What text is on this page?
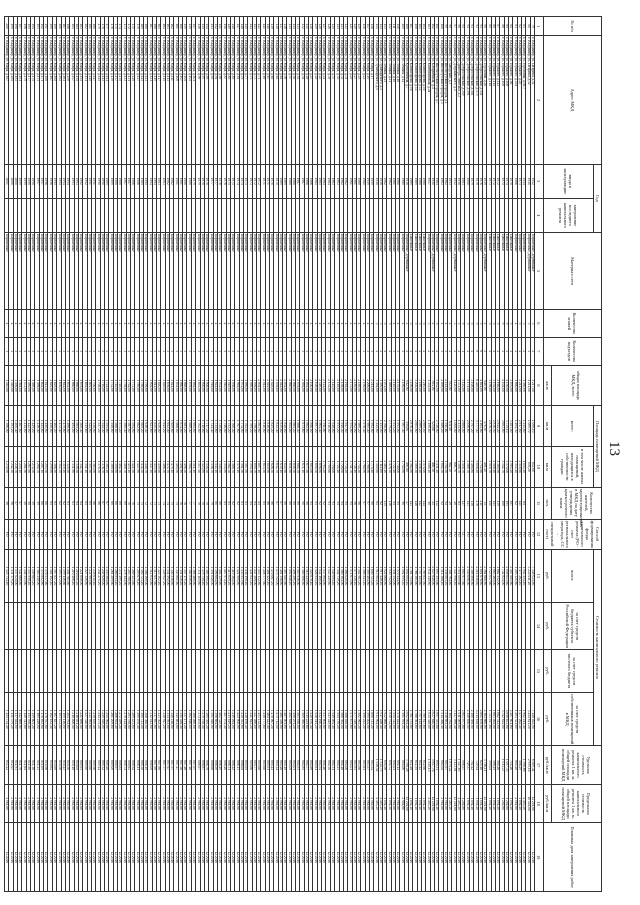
13
№ п/п	Адрес МКД	Год		Материал стен	Количество этажей	Количество подъездов	общая площадь МКД, всего	Площадь помещений МКД		Количество жителей, зарегистрированных в МКД на дату утверждения краткосрочного плана	Способ формирования фонда капитального ремонта (РО - счет регионального оператора, СС - специальный счет)	Стоимость капитального ремонта				Удельная стоимость капитального ремонта 1 кв. м. общей площади помещений МКД	Предельная стоимость капитального ремонта 1 кв. м. общей площади помещений МКД	Плановая дата завершения работ
		ввода в эксплуатацию	завершение последнего капитального ремонта					всего:	в том числе жилых помещений, находящихся в собственности граждан			всего:	за счет средств бюджета субъекта Российской Федерации	за счет средств местного бюджета	за счет средств собственников помещений в МКД			
							кв.м	кв.м	кв.м	чел.		руб.	руб.	руб.	руб.	руб./кв.м	руб./кв.м	
1	2	3	4	5	6	7	8	9	10	11	12	13	14	15	16	17	18	19
79	г. Владимир, ул. Гагарина, д.11	1952		Кирпичные, деревянные	3	2	1 217,00	1 098,10	852,60		РО	7 148 024,80			7 148 024,80	6 509,44	12 201,60	12.2016
80	г. Владимир, ул. Гагарина, д.12	1950		Кирпичные, деревянные	3	3	1 211,00	1 089,70	876,20		РО	3 224 611,20			3 224 611,20	2 959,16	10 524,00	12.2016
81	г. Владимир, ул. Гороховая, д.58/7	1954		Кирпичные	3	2	1 380,00	1 241,60	1 053,10	64	РО	1 982 414,40			1 982 414,40	1 596,66	4 483,20	12.2016
82	г. Владимир, ул. Горького, д.45	1973		Кирпичные	5	4	3 241,00	2 917,80	2 518,60	141	РО	1 477 262,40			1 477 262,40	506,29	1 094,40	12.2016
83	г. Владимир, ул. Горького, д.53а	1966		Кирпичные	4	2	1 660,00	1 494,30	1 312,40	62	РО	1 203 321,60			1 203 321,60	805,28	2 961,60	12.2016
84	г. Владимир, ул. Горького, д.56	1970		Панельные	5	4	3 870,00	3 483,00	2 983,20	187	РО	2 487 801,60			2 487 801,60	714,26	1 094,40	12.2016
85	г. Владимир, ул. Горького, д.106	1974		Панельные	9	2	4 150,00	3 735,10	3 170,00	193	РО	4 098 633,60			4 098 633,60	1 097,33	1 204,80	12.2016
86	г. Владимир, ул. Горького, д.108	1975		Панельные	9	2	4 104,00	3 693,80	3 142,70	188	РО	3 742 824,00			3 742 824,00	1 013,27	1 204,80	12.2016
87	г. Владимир, ул. Горького, д.112	1972		Панельные	5	4	3 160,00	2 844,20	2 365,90	139	РО	1 662 312,00			1 662 312,00	584,46	1 094,40	12.2016
88	г. Владимир, ул. Горького, д.114	1972		Панельные	5	4	3 152,00	2 836,50	2 508,40	143	РО	1 663 464,00			1 663 464,00	586,45	1 094,40	12.2016
89	г. Владимир, ул. Горького, д.116	1973		Панельные	5	4	3 196,00	2 876,30	2 510,70	151	РО	1 723 017,60			1 723 017,60	599,04	1 094,40	12.2016
90	г. Владимир, ул. Гороховая, д.20	1939		Кирпичные, деревянные	2	2	640,00	576,30	498,40	31	РО	2 164 660,80			2 164 660,80	3 756,11	12 201,60	12.2016
91	г. Владимир, ул. Добросельская, д.151	1976		Кирпичные	5	6	4 624,00	4 161,60	3 712,60	211	РО	2 601 676,80			2 601 676,80	625,16	1 094,40	12.2016
92	г. Владимир, ул. Добросельская, д.175	1978		Кирпичные	5	8	6 420,00	5 777,40	5 016,20	276	РО	4 214 836,80			4 214 836,80	729,54	1 094,40	12.2016
93	г. Владимир, ул. Добросельская, д.181	1979		Кирпичные	5	4	3 108,00	2 797,20	2 480,80	138	РО	2 188 588,80			2 188 588,80	782,42	1 094,40	12.2016
94	г. Владимир, ул. Добросельская, д.191	1980		Кирпичные	5	4	3 174,00	2 856,60	2 569,70	143	РО	2 140 656,00			2 140 656,00	749,37	1 094,40	12.2016
95	г. Владимир, ул. Добросельская, д.199	1983		Кирпичные	9	1	3 120,00	2 808,00	2 518,70	127	СС	2 803 977,60			2 803 977,60	998,57	1 204,80	12.2016
96	г. Владимир, ул. Диктора Левитана, д.2	1958		Кирпичные	3	2	1 372,00	1 234,80	1 108,70	61	РО	1 911 009,60			1 911 009,60	1 547,63	4 483,20	12.2016
97	г. Владимир, ул. Дзержинского, д.5	1952		Кирпичные, деревянные	3	2	1 120,00	1 008,00	898,70	48	РО	3 147 998,40			3 147 998,40	3 123,01	12 201,60	12.2016
98	г. Владимир, ул. Заводская, д.3	1953		Кирпичные	2	2	702,00	631,80	562,30	29	РО	1 184 764,80			1 184 764,80	1 875,22	4 483,20	12.2016
99	г. Владимир, ул. Институтский городок, д.1	1962		Кирпичные	4	3	2 124,00	1 911,60	1 702,50	94	РО	1 536 883,20			1 536 883,20	803,97	2 961,60	12.2016
100	г. Владимир, ул. Институтский городок, д.3	1963		Кирпичные	4	3	2 098,00	1 888,20	1 682,30	92	РО	1 514 366,40			1 514 366,40	802,02	2 961,60	12.2016
101	г. Владимир, ул. Институтский городок, д.7	1964		Кирпичные	5	4	3 032,00	2 728,80	2 431,10	132	РО	1 897 353,60			1 897 353,60	695,31	1 094,40	12.2016
102	г. Владимир, ул. Казарменная, д.4	1950		Кирпичные, деревянные	2	2	584,00	525,60	468,30	25	РО	2 027 640,00			2 027 640,00	3 857,76	12 201,60	12.2016
103	г. Владимир, ул. Княгининская, д.2а	1957		Кирпичные	3	2	1 332,00	1 198,80	1 068,10	58	РО	1 834 348,80			1 834 348,80	1 530,15	4 483,20	12.2016
104	г. Владимир, ул. Комиссарова, д.10	1968		Панельные	5	4	3 210,00	2 889,00	2 574,00	144	РО	1 769 817,60			1 769 817,60	612,60	1 094,40	12.2016
105	г. Владимир, ул. Комиссарова, д.12	1968		Панельные	5	4	3 188,00	2 869,20	2 556,40	142	РО	1 757 145,60			1 757 145,60	612,42	1 094,40	12.2016
106	г. Владимир, ул. Комиссарова, д.14	1969		Панельные	5	4	3 204,00	2 883,60	2 569,30	146	РО	1 766 361,60			1 766 361,60	612,55	1 094,40	12.2016
107	г. Владимир, ул. Комиссарова, д.16	1969		Панельные	5	4	3 196,00	2 876,40	2 562,80	143	РО	1 761 753,60			1 761 753,60	612,48	1 094,40	12.2016
108	г. Владимир, ул. Кремлевская, д.7	1938		Кирпичные, деревянные	2	2	612,00	550,80	490,80	27	РО	2 092 094,40			2 092 094,40	3 798,28	12 201,60	12.2016
109	г. Владимир, ул. Ленина, д.14	1960		Кирпичные	4	3	2 186,00	1 967,40	1 752,80	96	РО	1 581 955,20			1 581 955,20	804,08	2 961,60	12.2016
110	г. Владимир, ул. Ленина, д.16	1960		Кирпичные	4	3	2 170,00	1 953,00	1 740,00	95	РО	1 570 444,80			1 570 444,80	804,12	2 961,60	12.2016
111	г. Владимир, ул. Ленина, д.18	1961		Кирпичные	4	3	2 148,00	1 933,20	1 722,40	94	РО	1 554 312,00			1 554 312,00	804,01	2 961,60	12.2016
112	г. Владимир, ул. Ленина, д.21	1962		Кирпичные	5	4	3 088,00	2 779,20	2 476,30	136	РО	1 930 752,00			1 930 752,00	694,72	1 094,40	12.2016
113	г. Владимир, ул. Ленина, д.23	1962		Кирпичные	5	4	3 074,00	2 766,60	2 465,10	135	РО	1 922 668,80			1 922 668,80	694,96	1 094,40	12.2016
114	г. Владимир, ул. Луначарского, д.3	1958		Кирпичные	3	2	1 390,00	1 251,00	1 114,60	62	РО	1 917 446,40			1 917 446,40	1 532,73	4 483,20	12.2016
115	г. Владимир, ул. Луначарского, д.5	1958		Кирпичные	3	2	1 384,00	1 245,60	1 109,80	61	РО	1 913 904,00			1 913 904,00	1 536,54	4 483,20	12.2016
116	г. Владимир, ул. Мира, д.17	1959		Кирпичные	4	3	2 214,00	1 992,60	1 775,40	98	РО	1 600 723,20			1 600 723,20	803,34	2 961,60	12.2016
117	г. Владимир, ул. Мира, д.19	1959		Кирпичные	4	3	2 206,00	1 985,40	1 768,90	97	РО	1 595 404,80			1 595 404,80	803,57	2 961,60	12.2016
118	г. Владимир, ул. Мира, д.23	1960		Кирпичные	4	3	2 196,00	1 976,40	1 760,90	97	РО	1 588 243,20			1 588 243,20	803,61	2 961,60	12.2016
119	г. Владимир, ул. Мира, д.25	1960		Кирпичные	4	3	2 188,00	1 969,20	1 754,50	96	РО	1 582 963,20			1 582 963,20	803,86	2 961,60	12.2016
120	г. Владимир, ул. Мира, д.27	1961		Кирпичные	4	3	2 180,00	1 962,00	1 748,10	96	РО	1 577 318,40			1 577 318,40	803,93	2 961,60	12.2016
121	г. Владимир, ул. Мира, д.29	1961		Кирпичные	4	3	2 172,00	1 954,80	1 741,70	95	РО	1 571 673,60			1 571 673,60	804,01	2 961,60	12.2016
122	г. Владимир, ул. Мира, д.31	1962		Кирпичные	4	3	2 164,00	1 947,60	1 735,20	95	РО	1 566 028,80			1 566 028,80	804,08	2 961,60	12.2016
123	г. Владимир, ул. Мира, д.33	1962		Кирпичные	4	3	2 156,00	1 940,40	1 728,80	94	РО	1 560 384,00			1 560 384,00	804,16	2 961,60	12.2016
124	г. Владимир, ул. Мира, д.35	1963		Кирпичные	4	3	2 148,00	1 933,20	1 722,40	94	РО	1 554 739,20			1 554 739,20	804,23	2 961,60	12.2016
125	г. Владимир, ул. Мира, д.37	1963		Кирпичные	4	3	2 140,00	1 926,00	1 716,00	93	РО	1 549 094,40			1 549 094,40	804,31	2 961,60	12.2016
126	г. Владимир, ул. Мира, д.39	1964		Кирпичные	4	3	2 132,00	1 918,80	1 709,60	93	РО	1 543 449,60			1 543 449,60	804,38	2 961,60	12.2016
127	г. Владимир, ул. Мира, д.41	1964		Кирпичные	4	3	2 124,00	1 911,60	1 703,20	92	РО	1 537 804,80			1 537 804,80	804,46	2 961,60	12.2016
128	г. Владимир, ул. Мира, д.43	1965		Кирпичные	4	3	2 116,00	1 904,40	1 696,80	92	РО	1 532 160,00			1 532 160,00	804,54	2 961,60	12.2016
129	г. Владимир, ул. Мира, д.45	1965		Кирпичные	4	3	2 108,00	1 897,20	1 690,30	91	РО	1 526 515,20			1 526 515,20	804,61	2 961,60	12.2016
130	г. Владимир, ул. Мира, д.47	1966		Кирпичные	4	3	2 100,00	1 890,00	1 683,90	91	РО	1 520 870,40			1 520 870,40	804,69	2 961,60	12.2016
131	г. Владимир, ул. Мира, д.49	1966		Кирпичные	4	3	2 092,00	1 882,80	1 677,50	90	РО	1 515 225,60			1 515 225,60	804,77	2 961,60	12.2016
132	г. Владимир, ул. Мира, д.51	1967		Кирпичные	4	3	2 084,00	1 875,60	1 671,10	90	РО	1 509 580,80			1 509 580,80	804,85	2 961,60	12.2016
133	г. Владимир, ул. Мира, д.53	1967		Кирпичные	4	3	2 076,00	1 868,40	1 664,70	89	РО	1 503 936,00			1 503 936,00	804,93	2 961,60	12.2016
134	г. Владимир, ул. Мира, д.55	1968		Кирпичные	4	3	2 068,00	1 861,20	1 658,30	89	РО	1 498 291,20			1 498 291,20	805,01	2 961,60	12.2016
135	г. Владимир, ул. Мира, д.57	1968		Кирпичные	4	3	2 060,00	1 854,00	1 651,90	88	РО	1 492 646,40			1 492 646,40	805,09	2 961,60	12.2016
136	г. Владимир, ул. Мира, д.59	1969		Кирпичные	4	3	2 052,00	1 846,80	1 645,50	88	РО	1 487 001,60			1 487 001,60	805,18	2 961,60	12.2016
137	г. Владимир, ул. Мира, д.61	1969		Кирпичные	4	3	2 044,00	1 839,60	1 639,10	87	РО	1 481 356,80			1 481 356,80	805,26	2 961,60	12.2016
138	г. Владимир, ул. Мира, д.63	1970		Кирпичные	4	3	2 036,00	1 832,40	1 632,70	87	РО	1 475 712,00			1 475 712,00	805,34	2 961,60	12.2016
139	г. Владимир, ул. Мира, д.65	1970		Кирпичные	4	3	2 028,00	1 825,20	1 626,30	86	РО	1 470 067,20			1 470 067,20	805,43	2 961,60	12.2016
140	г. Владимир, ул. Мира, д.67	1971		Кирпичные	4	3	2 020,00	1 818,00	1 619,90	86	РО	1 464 422,40			1 464 422,40	805,51	2 961,60	12.2016
141	г. Владимир, ул. Мира, д.69	1971		Кирпичные	4	3	2 012,00	1 810,80	1 613,50	85	РО	1 458 777,60			1 458 777,60	805,60	2 961,60	12.2016
142	г. Владимир, ул. Мира, д.71	1972		Кирпичные	4	3	2 004,00	1 803,60	1 607,10	85	РО	1 453 132,80			1 453 132,80	805,68	2 961,60	12.2016
143	г. Владимир, ул. Мира, д.73	1972		Кирпичные	4	3	1 996,00	1 796,40	1 600,70	84	РО	1 447 488,00			1 447 488,00	805,77	2 961,60	12.2016
144	г. Владимир, ул. Мира, д.75	1973		Кирпичные	4	3	1 988,00	1 789,20	1 594,30	84	РО	1 441 843,20			1 441 843,20	805,86	2 961,60	12.2016
145	г. Владимир, ул. Мира, д.77	1973		Кирпичные	4	3	1 980,00	1 782,00	1 587,90	83	РО	1 436 198,40			1 436 198,40	805,95	2 961,60	12.2016
146	г. Владимир, ул. Мира, д.79	1974		Кирпичные	4	3	1 972,00	1 774,80	1 581,50	83	РО	1 430 553,60			1 430 553,60	806,04	2 961,60	12.2016
147	г. Владимир, ул. Мира, д.81	1974		Кирпичные	4	3	1 964,00	1 767,60	1 575,10	82	РО	1 424 908,80			1 424 908,80	806,13	2 961,60	12.2016
148	г. Владимир, ул. Мира, д.83	1975		Кирпичные	4	3	1 956,00	1 760,40	1 568,70	82	РО	1 419 264,00			1 419 264,00	806,22	2 961,60	12.2016
149	г. Владимир, ул. Мира, д.85	1975		Кирпичные	4	3	1 948,00	1 753,20	1 562,30	81	РО	1 413 619,20			1 413 619,20	806,31	2 961,60	12.2016
150	г. Владимир, ул. Мира, д.87	1976		Кирпичные	4	3	1 940,00	1 746,00	1 555,90	81	РО	1 407 974,40			1 407 974,40	806,40	2 961,60	12.2016
151	г. Владимир, ул. Мира, д.89	1976		Кирпичные	4	3	1 932,00	1 738,80	1 549,50	80	РО	1 402 329,60			1 402 329,60	806,49	2 961,60	12.2016
152	г. Владимир, ул. Мира, д.91	1977		Кирпичные	4	3	1 924,00	1 731,60	1 543,10	80	РО	1 396 684,80			1 396 684,80	806,59	2 961,60	12.2016
153	г. Владимир, ул. Мира, д.93	1977		Кирпичные	4	3	1 916,00	1 724,40	1 536,70	79	РО	1 391 040,00			1 391 040,00	806,68	2 961,60	12.2016
154	г. Владимир, ул. Мира, д.95	1978		Кирпичные	4	3	1 908,00	1 717,20	1 530,30	79	РО	1 385 395,20			1 385 395,20	806,78	2 961,60	12.2016
155	г. Владимир, ул. Мира, д.97	1978		Кирпичные	4	3	1 900,00	1 710,00	1 523,90	78	РО	1 379 750,40			1 379 750,40	806,87	2 961,60	12.2016
156	г. Владимир, ул. Мира, д.99	1979		Кирпичные	4	3	1 892,00	1 702,80	1 517,50	78	РО	1 374 105,60			1 374 105,60	806,97	2 961,60	12.2016
157	г. Владимир, ул. Мира, д.101	1979		Кирпичные	4	3	1 884,00	1 695,60	1 511,10	77	РО	1 368 460,80			1 368 460,80	807,07	2 961,60	12.2016
158	г. Владимир, ул. Мира, д.103	1980		Кирпичные	4	3	1 876,00	1 688,40	1 504,70	77	РО	1 362 816,00			1 362 816,00	807,16	2 961,60	12.2016
159	г. Владимир, ул. Мира, д.105	1980		Кирпичные	4	3	1 868,00	1 681,20	1 498,30	76	РО	1 357 171,20			1 357 171,20	807,26	2 961,60	12.2016
160	г. Владимир, ул. Мира, д.107	1981		Кирпичные	4	3	1 860,00	1 674,00	1 491,90	76	РО	1 351 526,40			1 351 526,40	807,36	2 961,60	12.2016
161	г. Владимир, ул. Мира, д.109	1981		Кирпичные	4	3	1 852,00	1 666,80	1 485,50	75	РО	1 345 881,60			1 345 881,60	807,47	2 961,60	12.2016
162	г. Владимир, ул. Мира, д.111	1982		Кирпичные	4	3	1 844,00	1 659,60	1 479,10	75	РО	1 340 236,80			1 340 236,80	807,57	2 961,60	12.2016
163	г. Владимир, ул. Мира, д.113	1982		Кирпичные	4	3	1 836,00	1 652,40	1 472,70	74	РО	1 334 592,00			1 334 592,00	807,67	2 961,60	12.2016
164	г. Владимир, ул. Мира, д.115	1983		Кирпичные	4	3	1 828,00	1 645,20	1 466,30	74	РО	1 328 947,20			1 328 947,20	807,77	2 961,60	12.2016
165	г. Владимир, ул. Мира, д.117	1983		Кирпичные	4	3	1 820,00	1 638,00	1 459,90	73	РО	1 323 302,40			1 323 302,40	807,88	2 961,60	12.2016
166	г. Владимир, ул. Мира, д.119	1984		Кирпичные	4	3	1 812,00	1 630,80	1 453,50	73	РО	1 317 657,60			1 317 657,60	807,98	2 961,60	12.2016
167	г. Владимир, ул. Мира, д.121	1984		Кирпичные	4	3	1 804,00	1 623,60	1 447,10	72	РО	1 312 012,80			1 312 012,80	808,09	2 961,60	12.2016
168	г. Владимир, ул. Мира, д.123	1985		Кирпичные	4	3	1 796,00	1 616,40	1 440,70	72	РО	1 306 368,00			1 306 368,00	808,19	2 961,60	12.2016
169	г. Владимир, ул. Мира, д.125	1985		Кирпичные	4	3	1 788,00	1 609,20	1 434,30	71	РО	1 300 723,20			1 300 723,20	808,30	2 961,60	12.2016
170	г. Владимир, ул. Мира, д.127	1986		Кирпичные	4	3	1 780,00	1 602,00	1 427,90	71	РО	1 295 078,40			1 295 078,40	808,41	2 961,60	12.2016
171	г. Владимир, ул. Мира, д.129	1986		Кирпичные	4	3	1 772,00	1 594,80	1 421,50	70	РО	1 289 433,60			1 289 433,60	808,52	2 961,60	12.2016
172	г. Владимир, ул. Мира, д.131	1987		Кирпичные	4	3	1 764,00	1 587,60	1 415,10	70	РО	1 283 788,80			1 283 788,80	808,63	2 961,60	12.2016
173	г. Владимир, ул. Мира, д.133	1987		Кирпичные	4	3	1 756,00	1 580,40	1 408,70	69	РО	1 278 144,00			1 278 144,00	808,74	2 961,60	12.2016
174	г. Владимир, ул. Мира, д.135	1988		Кирпичные	4	3	1 748,00	1 573,20	1 402,30	69	РО	1 272 499,20			1 272 499,20	808,85	2 961,60	12.2016
175	г. Владимир, ул. Мира, д.137	1988		Кирпичные	4	3	1 740,00	1 566,00	1 395,90	68	РО	1 266 854,40			1 266 854,40	808,97	2 961,60	12.2016
176	г. Владимир, ул. Мира, д.139	1989		Кирпичные	4	3	1 732,00	1 558,80	1 389,50	68	РО	1 261 209,60			1 261 209,60	809,09	2 961,60	12.2016
177	г. Владимир, ул. Мира, д.141	1989		Кирпичные	4	3	1 724,00	1 551,60	1 383,10	67	РО	1 255 564,80			1 255 564,80	809,20	2 961,60	12.2016
178	г. Владимир, ул. Мира, д.143	1990		Кирпичные	4	3	1 716,00	1 544,40	1 376,70	67	РО	1 249 920,00			1 249 920,00	809,32	2 961,60	12.2016
179	г. Владимир, ул. Мира, д.145	1990		Кирпичные	4	3	1 708,00	1 537,20	1 370,30	66	РО	1 244 275,20			1 244 275,20	809,44	2 961,60	12.2016
180	г. Владимир, ул. Мира, д.147	1991		Кирпичные	4	3	1 700,00	1 530,00	1 363,90	66	РО	1 238 630,40			1 238 630,40	809,56	2 961,60	12.2016
181	г. Владимир, ул. Мира, д.149	1991		Кирпичные	4	3	1 692,00	1 522,80	1 357,50	65	РО	1 232 985,60			1 232 985,60	809,68	2 961,60	12.2016
182	г. Владимир, ул. Мира, д.151	1992		Кирпичные	4	3	1 684,00	1 515,60	1 351,10	65	РО	1 227 340,80			1 227 340,80	809,80	2 961,60	12.2016
183	г. Владимир, ул. Мира, д.153	1992		Кирпичные	4	3	1 676,00	1 508,40	1 344,70	64	РО	1 221 696,00			1 221 696,00	809,93	2 961,60	12.2016
184	г. Владимир, ул. Мира, д.155	1993		Кирпичные	4	3	1 668,00	1 501,20	1 338,30	64	РО	1 216 051,20			1 216 051,20	810,05	2 961,60	12.2016
185	г. Владимир, ул. Мира, д.157	1993		Кирпичные	4	3	1 660,00	1 494,00	1 331,90	63	РО	1 210 406,40			1 210 406,40	810,18	2 961,60	12.2016
186	г. Владимир, ул. Мира, д.159	1994		Кирпичные	4	3	1 652,00	1 486,80	1 325,50	63	РО	1 204 761,60			1 204 761,60	810,30	2 961,60	12.2016
187	г. Владимир, ул. Мира, д.161	1994		Кирпичные	4	3	1 644,00	1 479,60	1 319,10	62	РО	1 199 116,80			1 199 116,80	810,43	2 961,60	12.2016
188	г. Владимир, ул. Мира, д.163	1995		Кирпичные	4	3	1 636,00	1 472,40	1 312,70	62	РО	1 193 472,00			1 193 472,00	810,56	2 961,60	12.2016
189	г. Владимир, ул. Мира, д.165	1995		Кирпичные	4	3	1 628,00	1 465,20	1 306,30	61	РО	1 187 827,20			1 187 827,20	810,69	2 961,60	12.2016
190	г. Владимир, ул. Мира, д.167	1996		Кирпичные	4	3	1 620,00	1 458,00	1 299,90	61	РО	1 182 182,40			1 182 182,40	810,82	2 961,60	12.2016
191	г. Владимир, ул. Мира, д.169	1996		Кирпичные	4	3	1 612,00	1 450,80	1 293,50	60	РО	1 176 537,60			1 176 537,60	810,96	2 961,60	12.2016
192	г. Владимир, ул. Мира, д.171	1997		Кирпичные	4	3	1 604,00	1 443,60	1 287,10	60	РО	1 170 892,80			1 170 892,80	811,09	2 961,60	12.2016
193	г. Владимир, ул. Мира, д.173	1997		Кирпичные	4	3	1 596,00	1 436,40	1 280,70	59	РО	1 165 248,00			1 165 248,00	811,23	2 961,60	12.2016
194	г. Владимир, ул. Мира, д.175	1998		Кирпичные	4	3	1 588,00	1 429,20	1 274,30	59	РО	1 159 603,20			1 159 603,20	811,36	2 961,60	12.2016
195	г. Владимир, ул. Мира, д.177	1998		Кирпичные	4	3	1 580,00	1 422,00	1 267,90	58	РО	1 153 958,40			1 153 958,40	811,50	2 961,60	12.2016
196	г. Владимир, ул. Мира, д.179	1999		Кирпичные	4	3	1 572,00	1 414,80	1 261,50	58	РО	1 148 313,60			1 148 313,60	811,64	2 961,60	12.2016
197	г. Владимир, ул. Мира, д.181	1999		Кирпичные	4	3	1 564,00	1 407,60	1 255,10	57	РО	1 142 668,80			1 142 668,80	811,78	2 961,60	12.2016
198	г. Владимир, ул. Мира, д.183	2000		Кирпичные	4	3	1 556,00	1 400,40	1 248,70	57	РО	1 137 024,00			1 137 024,00	811,93	2 961,60	12.2016
199	г. Владимир, ул. Мира, д.185	2000		Кирпичные	4	3	1 548,00	1 393,20	1 242,30	56	РО	1 131 379,20			1 131 379,20	812,07	2 961,60	12.2016
200	г. Владимир, ул. Мира, д.187	2001		Кирпичные	4	3	1 540,00	1 386,00	1 235,90	56	РО	1 125 734,40			1 125 734,40	812,22	2 961,60	12.2016
